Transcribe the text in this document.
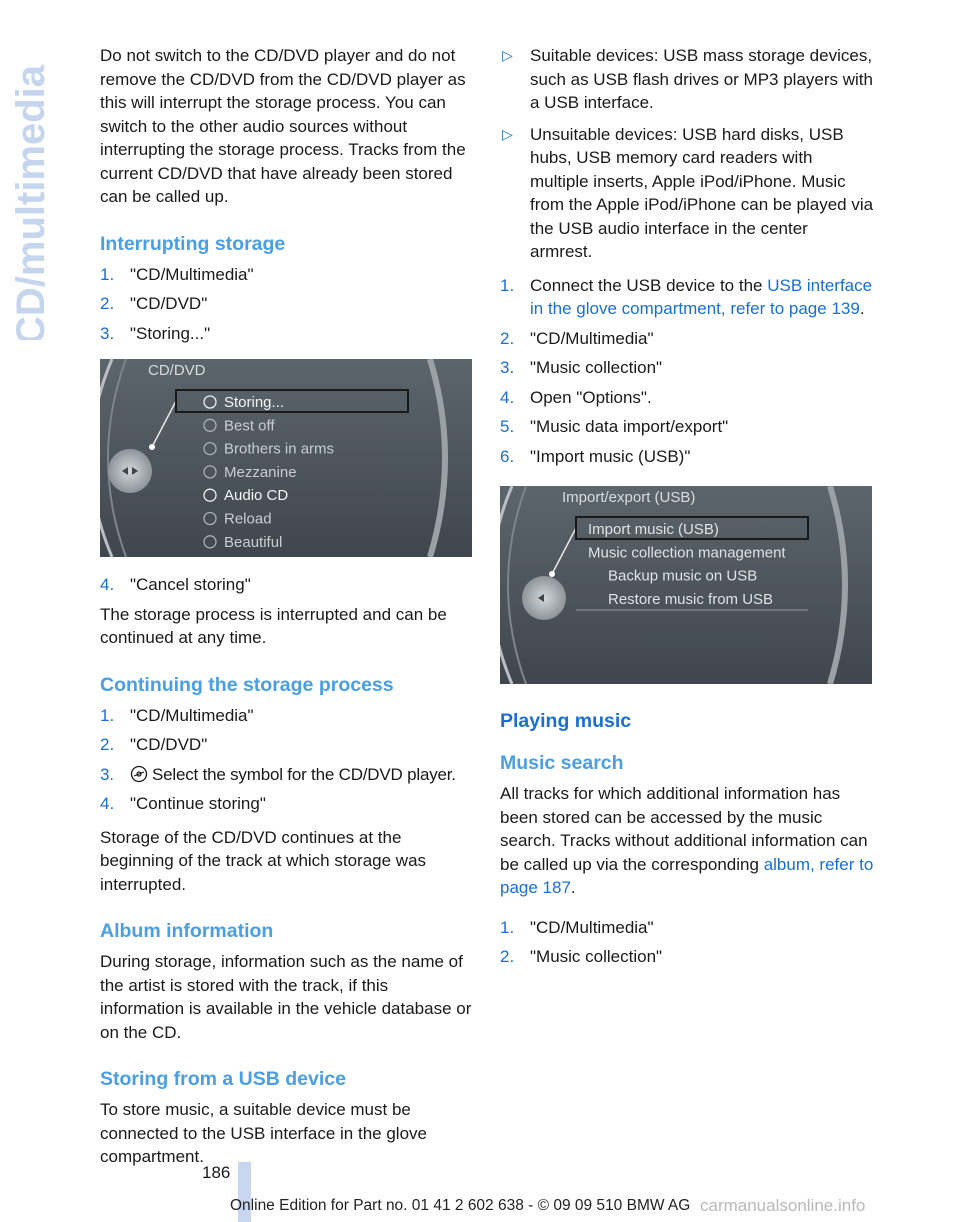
CD/multimedia

Do not switch to the CD/DVD player and do not remove the CD/DVD from the CD/DVD player as this will interrupt the storage process. You can switch to the other audio sources without interrupting the storage process. Tracks from the current CD/DVD that have already been stored can be called up.

Interrupting storage
1. "CD/Multimedia"
2. "CD/DVD"
3. "Storing..."
CD/DVD
Storing...
Best off
Brothers in arms
Mezzanine
Audio CD
Reload
Beautiful
4. "Cancel storing"

The storage process is interrupted and can be continued at any time.

Continuing the storage process
1. "CD/Multimedia"
2. "CD/DVD"
3. Select the symbol for the CD/DVD player.
4. "Continue storing"

Storage of the CD/DVD continues at the beginning of the track at which storage was interrupted.

Album information

During storage, information such as the name of the artist is stored with the track, if this information is available in the vehicle database or on the CD.

Storing from a USB device

To store music, a suitable device must be connected to the USB interface in the glove compartment.

▷ Suitable devices: USB mass storage devices, such as USB flash drives or MP3 players with a USB interface.
▷ Unsuitable devices: USB hard disks, USB hubs, USB memory card readers with multiple inserts, Apple iPod/iPhone. Music from the Apple iPod/iPhone can be played via the USB audio interface in the center armrest.
1. Connect the USB device to the USB interface in the glove compartment, refer to page 139.
2. "CD/Multimedia"
3. "Music collection"
4. Open "Options".
5. "Music data import/export"
6. "Import music (USB)"
Import/export (USB)
Import music (USB)
Music collection management
Backup music on USB
Restore music from USB
Playing music
Music search

All tracks for which additional information has been stored can be accessed by the music search. Tracks without additional information can be called up via the corresponding album, refer to page 187.

1. "CD/Multimedia"
2. "Music collection"
186
Online Edition for Part no. 01 41 2 602 638 - © 09 09 510 BMW AG carmanualsonline.info
